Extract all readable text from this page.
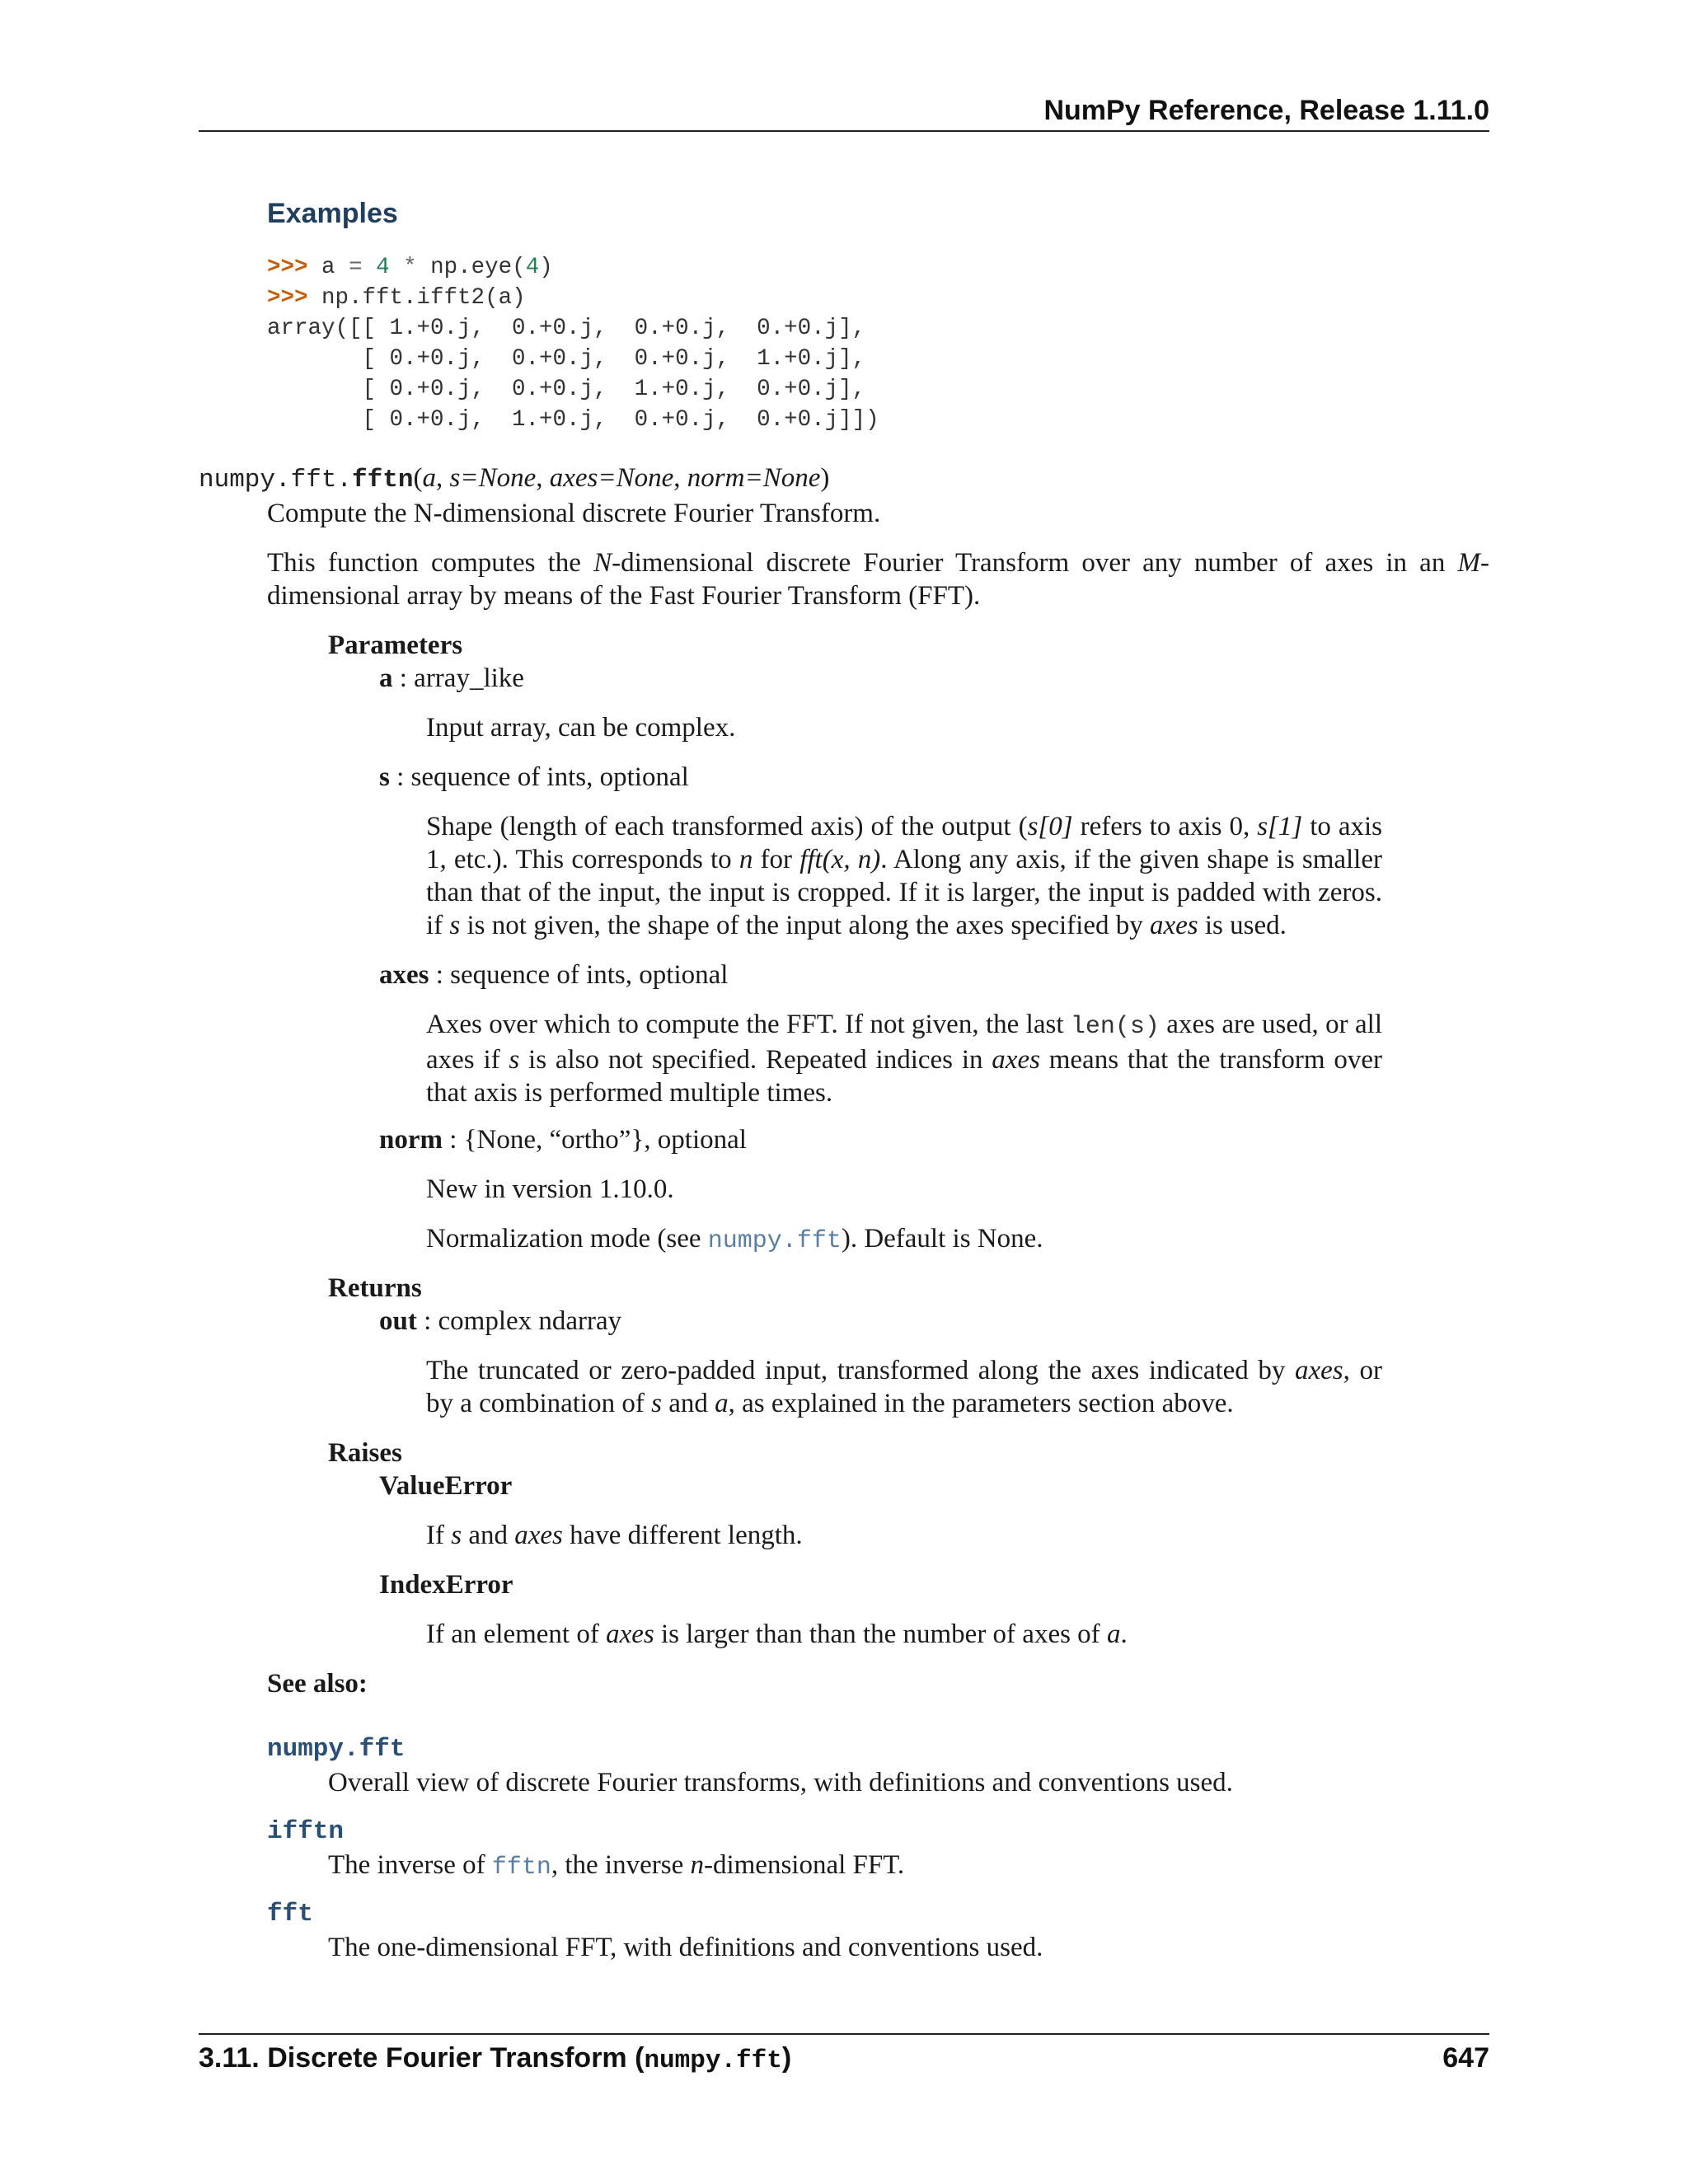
NumPy Reference, Release 1.11.0
Examples
>>> a = 4 * np.eye(4)
>>> np.fft.ifft2(a)
array([[ 1.+0.j,  0.+0.j,  0.+0.j,  0.+0.j],
[ 0.+0.j,  0.+0.j,  0.+0.j,  1.+0.j],
[ 0.+0.j,  0.+0.j,  1.+0.j,  0.+0.j],
[ 0.+0.j,  1.+0.j,  0.+0.j,  0.+0.j]])
numpy.fft.fftn(a, s=None, axes=None, norm=None)
Compute the N-dimensional discrete Fourier Transform.
This function computes the N-dimensional discrete Fourier Transform over any number of axes in an M-dimensional array by means of the Fast Fourier Transform (FFT).
Parameters
a : array_like
Input array, can be complex.
s : sequence of ints, optional
Shape (length of each transformed axis) of the output (s[0] refers to axis 0, s[1] to axis 1, etc.). This corresponds to n for fft(x, n). Along any axis, if the given shape is smaller than that of the input, the input is cropped. If it is larger, the input is padded with zeros. if s is not given, the shape of the input along the axes specified by axes is used.
axes : sequence of ints, optional
Axes over which to compute the FFT. If not given, the last len(s) axes are used, or all axes if s is also not specified. Repeated indices in axes means that the transform over that axis is performed multiple times.
norm : {None, “ortho”}, optional
New in version 1.10.0.
Normalization mode (see numpy.fft). Default is None.
Returns
out : complex ndarray
The truncated or zero-padded input, transformed along the axes indicated by axes, or by a combination of s and a, as explained in the parameters section above.
Raises
ValueError
If s and axes have different length.
IndexError
If an element of axes is larger than than the number of axes of a.
See also:
numpy.fft
Overall view of discrete Fourier transforms, with definitions and conventions used.
ifftn
The inverse of fftn, the inverse n-dimensional FFT.
fft
The one-dimensional FFT, with definitions and conventions used.
3.11. Discrete Fourier Transform (numpy.fft)	647
